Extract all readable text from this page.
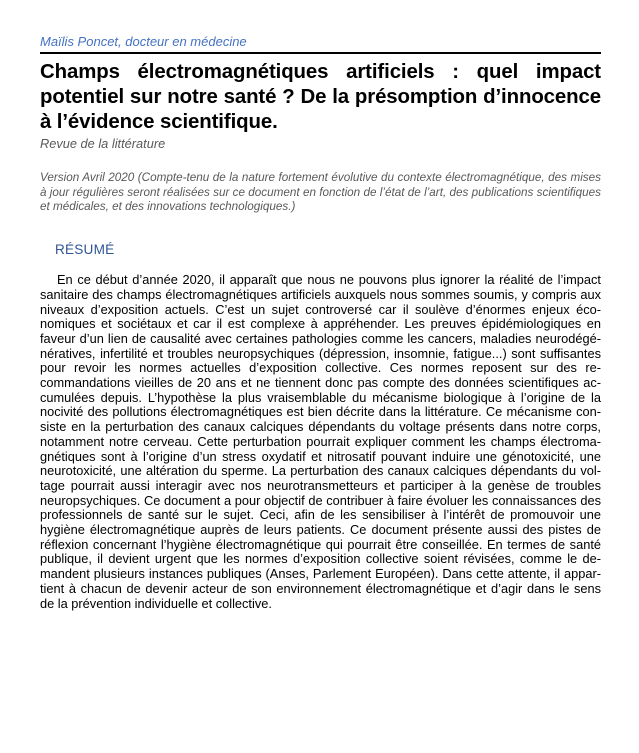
Maïlis Poncet, docteur en médecine
Champs électromagnétiques artificiels : quel impact potentiel sur notre santé ? De la présomption d’innocence à l’évidence scientifique.
Revue de la littérature

Version Avril 2020 (Compte-tenu de la nature fortement évolutive du contexte électromagnétique, des mises à jour régulières seront réalisées sur ce document en fonction de l’état de l’art, des publications scientifiques et médicales, et des innovations technologiques.)

RÉSUMÉ

En ce début d’année 2020, il apparaît que nous ne pouvons plus ignorer la réalité de l’impact sanitaire des champs électromagnétiques artificiels auxquels nous sommes soumis, y compris aux niveaux d’exposition actuels. C’est un sujet controversé car il soulève d’énormes enjeux économiques et sociétaux et car il est complexe à appréhender. Les preuves épidémiologiques en faveur d’un lien de causalité avec certaines pathologies comme les cancers, maladies neurodégénératives, infertilité et troubles neuropsychiques (dépression, insomnie, fatigue...) sont suffisantes pour revoir les normes actuelles d’exposition collective. Ces normes reposent sur des recommandations vieilles de 20 ans et ne tiennent donc pas compte des données scientifiques accumulées depuis. L’hypothèse la plus vraisemblable du mécanisme biologique à l’origine de la nocivité des pollutions électromagnétiques est bien décrite dans la littérature. Ce mécanisme consiste en la perturbation des canaux calciques dépendants du voltage présents dans notre corps, notamment notre cerveau. Cette perturbation pourrait expliquer comment les champs électromagnétiques sont à l’origine d’un stress oxydatif et nitrosatif pouvant induire une génotoxicité, une neurotoxicité, une altération du sperme. La perturbation des canaux calciques dépendants du voltage pourrait aussi interagir avec nos neurotransmetteurs et participer à la genèse de troubles neuropsychiques. Ce document a pour objectif de contribuer à faire évoluer les connaissances des professionnels de santé sur le sujet. Ceci, afin de les sensibiliser à l’intérêt de promouvoir une hygiène électromagnétique auprès de leurs patients. Ce document présente aussi des pistes de réflexion concernant l’hygiène électromagnétique qui pourrait être conseillée. En termes de santé publique, il devient urgent que les normes d’exposition collective soient révisées, comme le demandent plusieurs instances publiques (Anses, Parlement Européen). Dans cette attente, il appartient à chacun de devenir acteur de son environnement électromagnétique et d’agir dans le sens de la prévention individuelle et collective.
